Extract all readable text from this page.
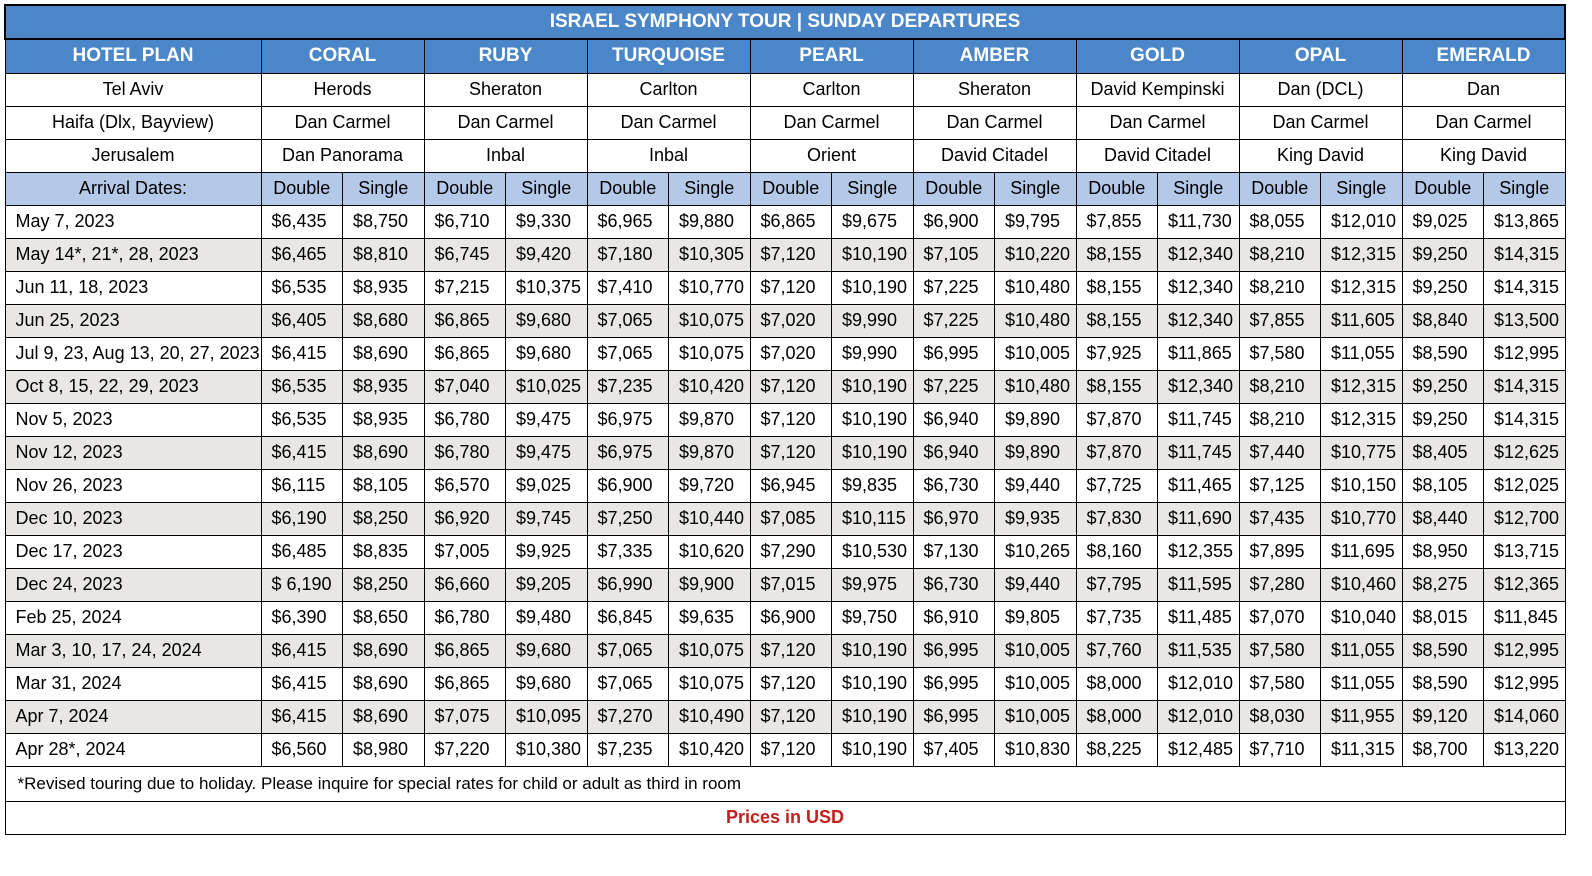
ISRAEL SYMPHONY TOUR | SUNDAY DEPARTURES																
HOTEL PLAN	CORAL		RUBY		TURQUOISE		PEARL		AMBER		GOLD		OPAL		EMERALD	
Tel Aviv	Herods		Sheraton		Carlton		Carlton		Sheraton		David Kempinski		Dan (DCL)		Dan	
Haifa (Dlx, Bayview)	Dan Carmel		Dan Carmel		Dan Carmel		Dan Carmel		Dan Carmel		Dan Carmel		Dan Carmel		Dan Carmel	
Jerusalem	Dan Panorama		Inbal		Inbal		Orient		David Citadel		David Citadel		King David		King David	
Arrival Dates:	Double	Single	Double	Single	Double	Single	Double	Single	Double	Single	Double	Single	Double	Single	Double	Single
May 7, 2023	$6,435	$8,750	$6,710	$9,330	$6,965	$9,880	$6,865	$9,675	$6,900	$9,795	$7,855	$11,730	$8,055	$12,010	$9,025	$13,865
May 14*, 21*, 28, 2023	$6,465	$8,810	$6,745	$9,420	$7,180	$10,305	$7,120	$10,190	$7,105	$10,220	$8,155	$12,340	$8,210	$12,315	$9,250	$14,315
Jun 11, 18, 2023	$6,535	$8,935	$7,215	$10,375	$7,410	$10,770	$7,120	$10,190	$7,225	$10,480	$8,155	$12,340	$8,210	$12,315	$9,250	$14,315
Jun 25, 2023	$6,405	$8,680	$6,865	$9,680	$7,065	$10,075	$7,020	$9,990	$7,225	$10,480	$8,155	$12,340	$7,855	$11,605	$8,840	$13,500
Jul 9, 23, Aug 13, 20, 27, 2023	$6,415	$8,690	$6,865	$9,680	$7,065	$10,075	$7,020	$9,990	$6,995	$10,005	$7,925	$11,865	$7,580	$11,055	$8,590	$12,995
Oct 8, 15, 22, 29, 2023	$6,535	$8,935	$7,040	$10,025	$7,235	$10,420	$7,120	$10,190	$7,225	$10,480	$8,155	$12,340	$8,210	$12,315	$9,250	$14,315
Nov 5, 2023	$6,535	$8,935	$6,780	$9,475	$6,975	$9,870	$7,120	$10,190	$6,940	$9,890	$7,870	$11,745	$8,210	$12,315	$9,250	$14,315
Nov 12, 2023	$6,415	$8,690	$6,780	$9,475	$6,975	$9,870	$7,120	$10,190	$6,940	$9,890	$7,870	$11,745	$7,440	$10,775	$8,405	$12,625
Nov 26, 2023	$6,115	$8,105	$6,570	$9,025	$6,900	$9,720	$6,945	$9,835	$6,730	$9,440	$7,725	$11,465	$7,125	$10,150	$8,105	$12,025
Dec 10, 2023	$6,190	$8,250	$6,920	$9,745	$7,250	$10,440	$7,085	$10,115	$6,970	$9,935	$7,830	$11,690	$7,435	$10,770	$8,440	$12,700
Dec 17, 2023	$6,485	$8,835	$7,005	$9,925	$7,335	$10,620	$7,290	$10,530	$7,130	$10,265	$8,160	$12,355	$7,895	$11,695	$8,950	$13,715
Dec 24, 2023	$ 6,190	$8,250	$6,660	$9,205	$6,990	$9,900	$7,015	$9,975	$6,730	$9,440	$7,795	$11,595	$7,280	$10,460	$8,275	$12,365
Feb 25, 2024	$6,390	$8,650	$6,780	$9,480	$6,845	$9,635	$6,900	$9,750	$6,910	$9,805	$7,735	$11,485	$7,070	$10,040	$8,015	$11,845
Mar 3, 10, 17, 24, 2024	$6,415	$8,690	$6,865	$9,680	$7,065	$10,075	$7,120	$10,190	$6,995	$10,005	$7,760	$11,535	$7,580	$11,055	$8,590	$12,995
Mar 31, 2024	$6,415	$8,690	$6,865	$9,680	$7,065	$10,075	$7,120	$10,190	$6,995	$10,005	$8,000	$12,010	$7,580	$11,055	$8,590	$12,995
Apr 7, 2024	$6,415	$8,690	$7,075	$10,095	$7,270	$10,490	$7,120	$10,190	$6,995	$10,005	$8,000	$12,010	$8,030	$11,955	$9,120	$14,060
Apr 28*, 2024	$6,560	$8,980	$7,220	$10,380	$7,235	$10,420	$7,120	$10,190	$7,405	$10,830	$8,225	$12,485	$7,710	$11,315	$8,700	$13,220
*Revised touring due to holiday. Please inquire for special rates for child or adult as third in room																
Prices in USD																
